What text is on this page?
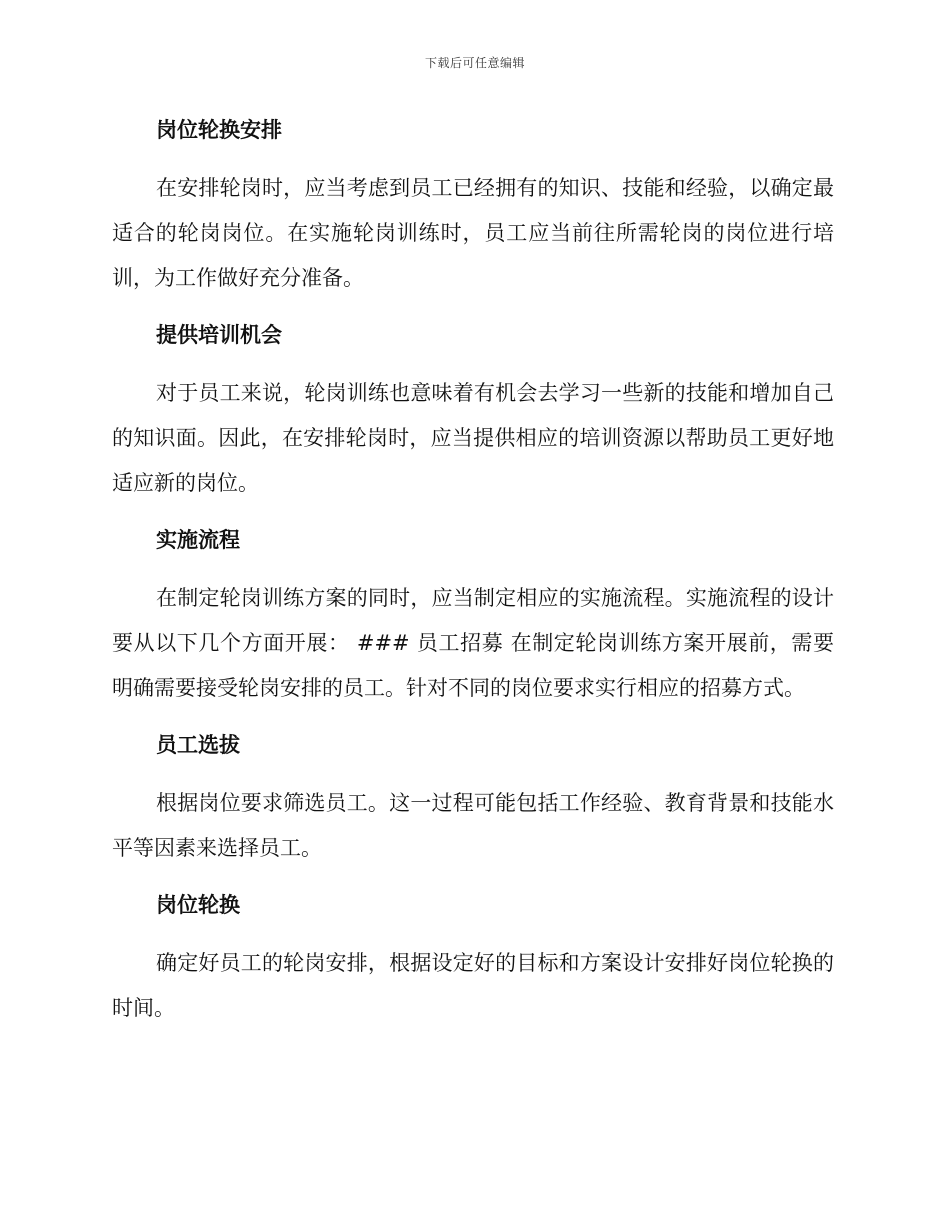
下载后可任意编辑
岗位轮换安排

在安排轮岗时，应当考虑到员工已经拥有的知识、技能和经验，以确定最适合的轮岗岗位。在实施轮岗训练时，员工应当前往所需轮岗的岗位进行培训，为工作做好充分准备。

提供培训机会

对于员工来说，轮岗训练也意味着有机会去学习一些新的技能和增加自己的知识面。因此，在安排轮岗时，应当提供相应的培训资源以帮助员工更好地适应新的岗位。

实施流程

在制定轮岗训练方案的同时，应当制定相应的实施流程。实施流程的设计要从以下几个方面开展： ### 员工招募 在制定轮岗训练方案开展前，需要明确需要接受轮岗安排的员工。针对不同的岗位要求实行相应的招募方式。

员工选拔

根据岗位要求筛选员工。这一过程可能包括工作经验、教育背景和技能水平等因素来选择员工。

岗位轮换

确定好员工的轮岗安排，根据设定好的目标和方案设计安排好岗位轮换的时间。
